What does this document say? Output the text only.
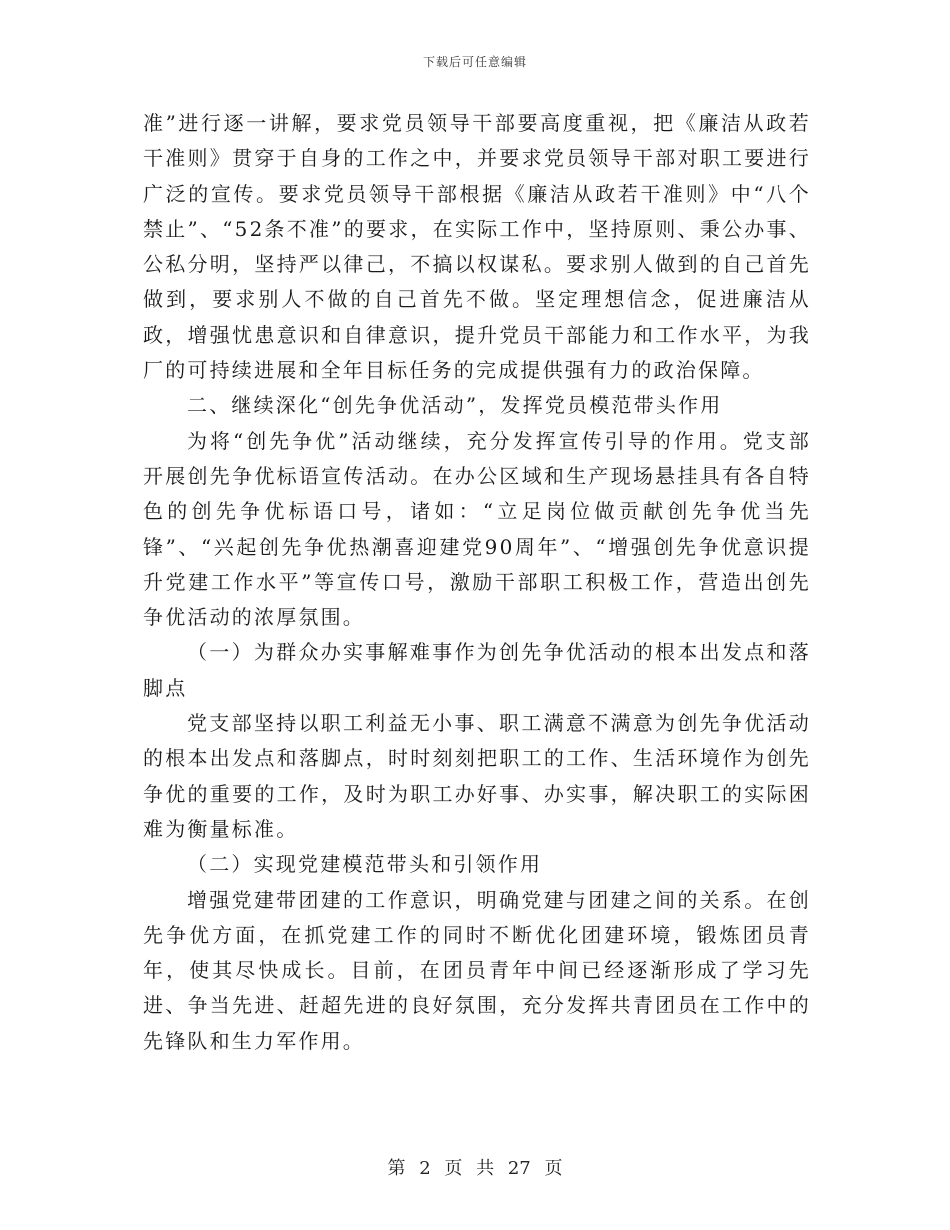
下载后可任意编辑

准”进行逐一讲解，要求党员领导干部要高度重视，把《廉洁从政若干准则》贯穿于自身的工作之中，并要求党员领导干部对职工要进行广泛的宣传。要求党员领导干部根据《廉洁从政若干准则》中“八个禁止”、“52条不准”的要求，在实际工作中，坚持原则、秉公办事、公私分明，坚持严以律己，不搞以权谋私。要求别人做到的自己首先做到，要求别人不做的自己首先不做。坚定理想信念，促进廉洁从政，增强忧患意识和自律意识，提升党员干部能力和工作水平，为我厂的可持续进展和全年目标任务的完成提供强有力的政治保障。

二、继续深化“创先争优活动”，发挥党员模范带头作用

为将“创先争优”活动继续，充分发挥宣传引导的作用。党支部开展创先争优标语宣传活动。在办公区域和生产现场悬挂具有各自特色的创先争优标语口号，诸如：“立足岗位做贡献创先争优当先锋”、“兴起创先争优热潮喜迎建党90周年”、“增强创先争优意识提升党建工作水平”等宣传口号，激励干部职工积极工作，营造出创先争优活动的浓厚氛围。

（一）为群众办实事解难事作为创先争优活动的根本出发点和落脚点

党支部坚持以职工利益无小事、职工满意不满意为创先争优活动的根本出发点和落脚点，时时刻刻把职工的工作、生活环境作为创先争优的重要的工作，及时为职工办好事、办实事，解决职工的实际困难为衡量标准。

（二）实现党建模范带头和引领作用

增强党建带团建的工作意识，明确党建与团建之间的关系。在创先争优方面，在抓党建工作的同时不断优化团建环境，锻炼团员青年，使其尽快成长。目前，在团员青年中间已经逐渐形成了学习先进、争当先进、赶超先进的良好氛围，充分发挥共青团员在工作中的先锋队和生力军作用。

第 2 页 共 27 页
